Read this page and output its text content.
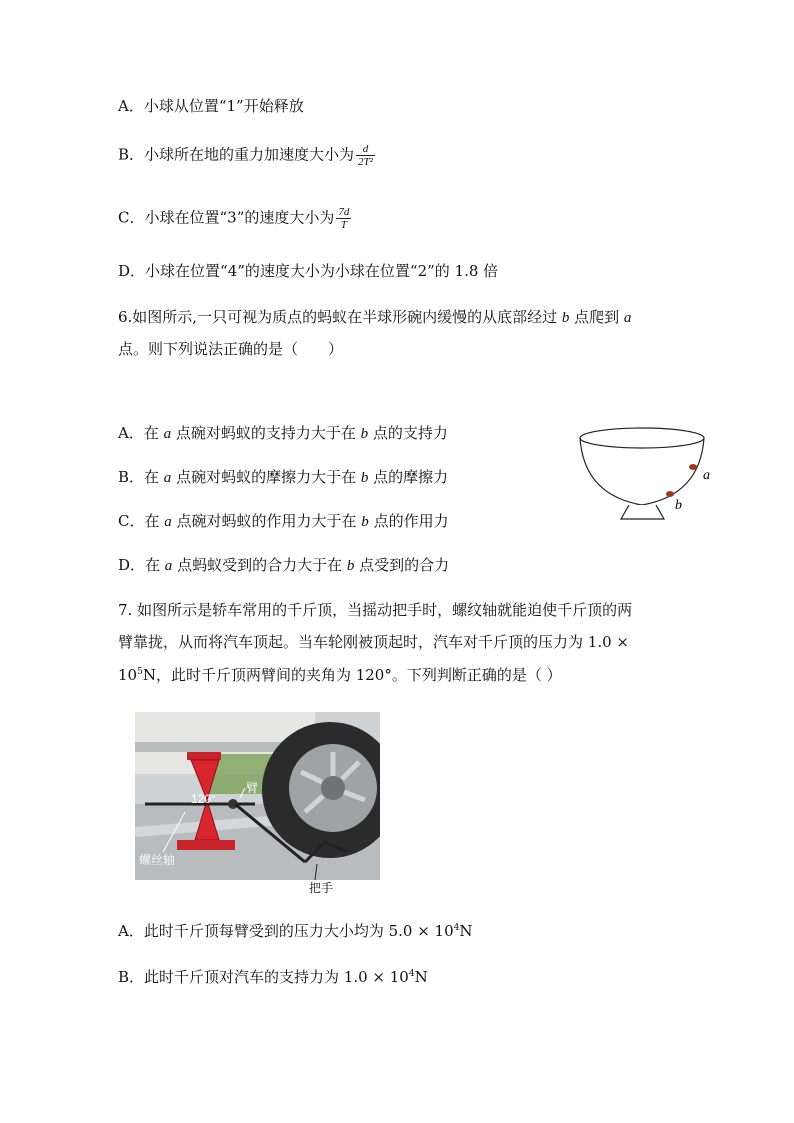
A．小球从位置“1”开始释放
B．小球所在地的重力加速度大小为 $\frac{d}{\text{2T²}}$
C．小球在位置“3”的速度大小为 $\frac{7d}{T}$
D．小球在位置“4”的速度大小为小球在位置“2”的 1.8 倍
6.如图所示,一只可视为质点的蚂蚁在半球形碗内缓慢的从底部经过 b 点爬到 a
点。则下列说法正确的是（　　）
A．在 a 点碗对蚂蚁的支持力大于在 b 点的支持力
B．在 a 点碗对蚂蚁的摩擦力大于在 b 点的摩擦力
C．在 a 点碗对蚂蚁的作用力大于在 b 点的作用力
D．在 a 点蚂蚁受到的合力大于在 b 点受到的合力
a
b
7. 如图所示是轿车常用的千斤顶，当摇动把手时，螺纹轴就能迫使千斤顶的两
臂靠拢，从而将汽车顶起。当车轮刚被顶起时，汽车对千斤顶的压力为 1.0 ×
$10^5N$，此时千斤顶两臂间的夹角为 120°。下列判断正确的是（ ）
120°
臂
螺丝轴
把手
A．此时千斤顶每臂受到的压力大小均为 $5.0 \times 10^4N$
B．此时千斤顶对汽车的支持力为 $1.0 \times 10^4N$
